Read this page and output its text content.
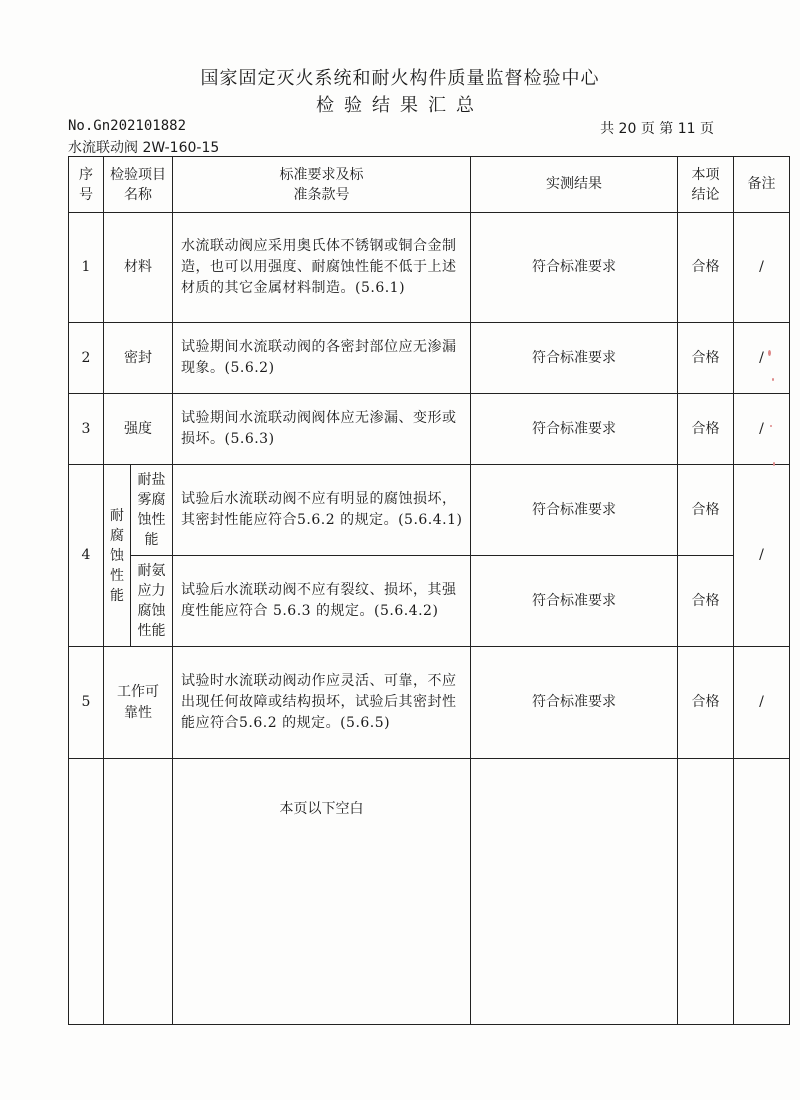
国家固定灭火系统和耐火构件质量监督检验中心
检验结果汇总
No.Gn202101882	共 20 页 第 11 页
水流联动阀 2W-160-15
序号	检验项目名称		标准要求及标准条款号	实测结果	本项结论	备注
1	材料		水流联动阀应采用奥氏体不锈钢或铜合金制造，也可以用强度、耐腐蚀性能不低于上述材质的其它金属材料制造。(5.6.1)	符合标准要求	合格	/
2	密封		试验期间水流联动阀的各密封部位应无渗漏现象。(5.6.2)	符合标准要求	合格	/
3	强度		试验期间水流联动阀阀体应无渗漏、变形或损坏。(5.6.3)	符合标准要求	合格	/
4	耐腐蚀性能	耐盐雾腐蚀性能	试验后水流联动阀不应有明显的腐蚀损坏，其密封性能应符合5.6.2 的规定。(5.6.4.1)	符合标准要求	合格	/

		耐氨应力腐蚀性能	试验后水流联动阀不应有裂纹、损坏，其强度性能应符合 5.6.3 的规定。(5.6.4.2)	符合标准要求	合格	
5	工作可靠性		试验时水流联动阀动作应灵活、可靠，不应出现任何故障或结构损坏，试验后其密封性能应符合5.6.2 的规定。(5.6.5)	符合标准要求	合格	/
			本页以下空白			
